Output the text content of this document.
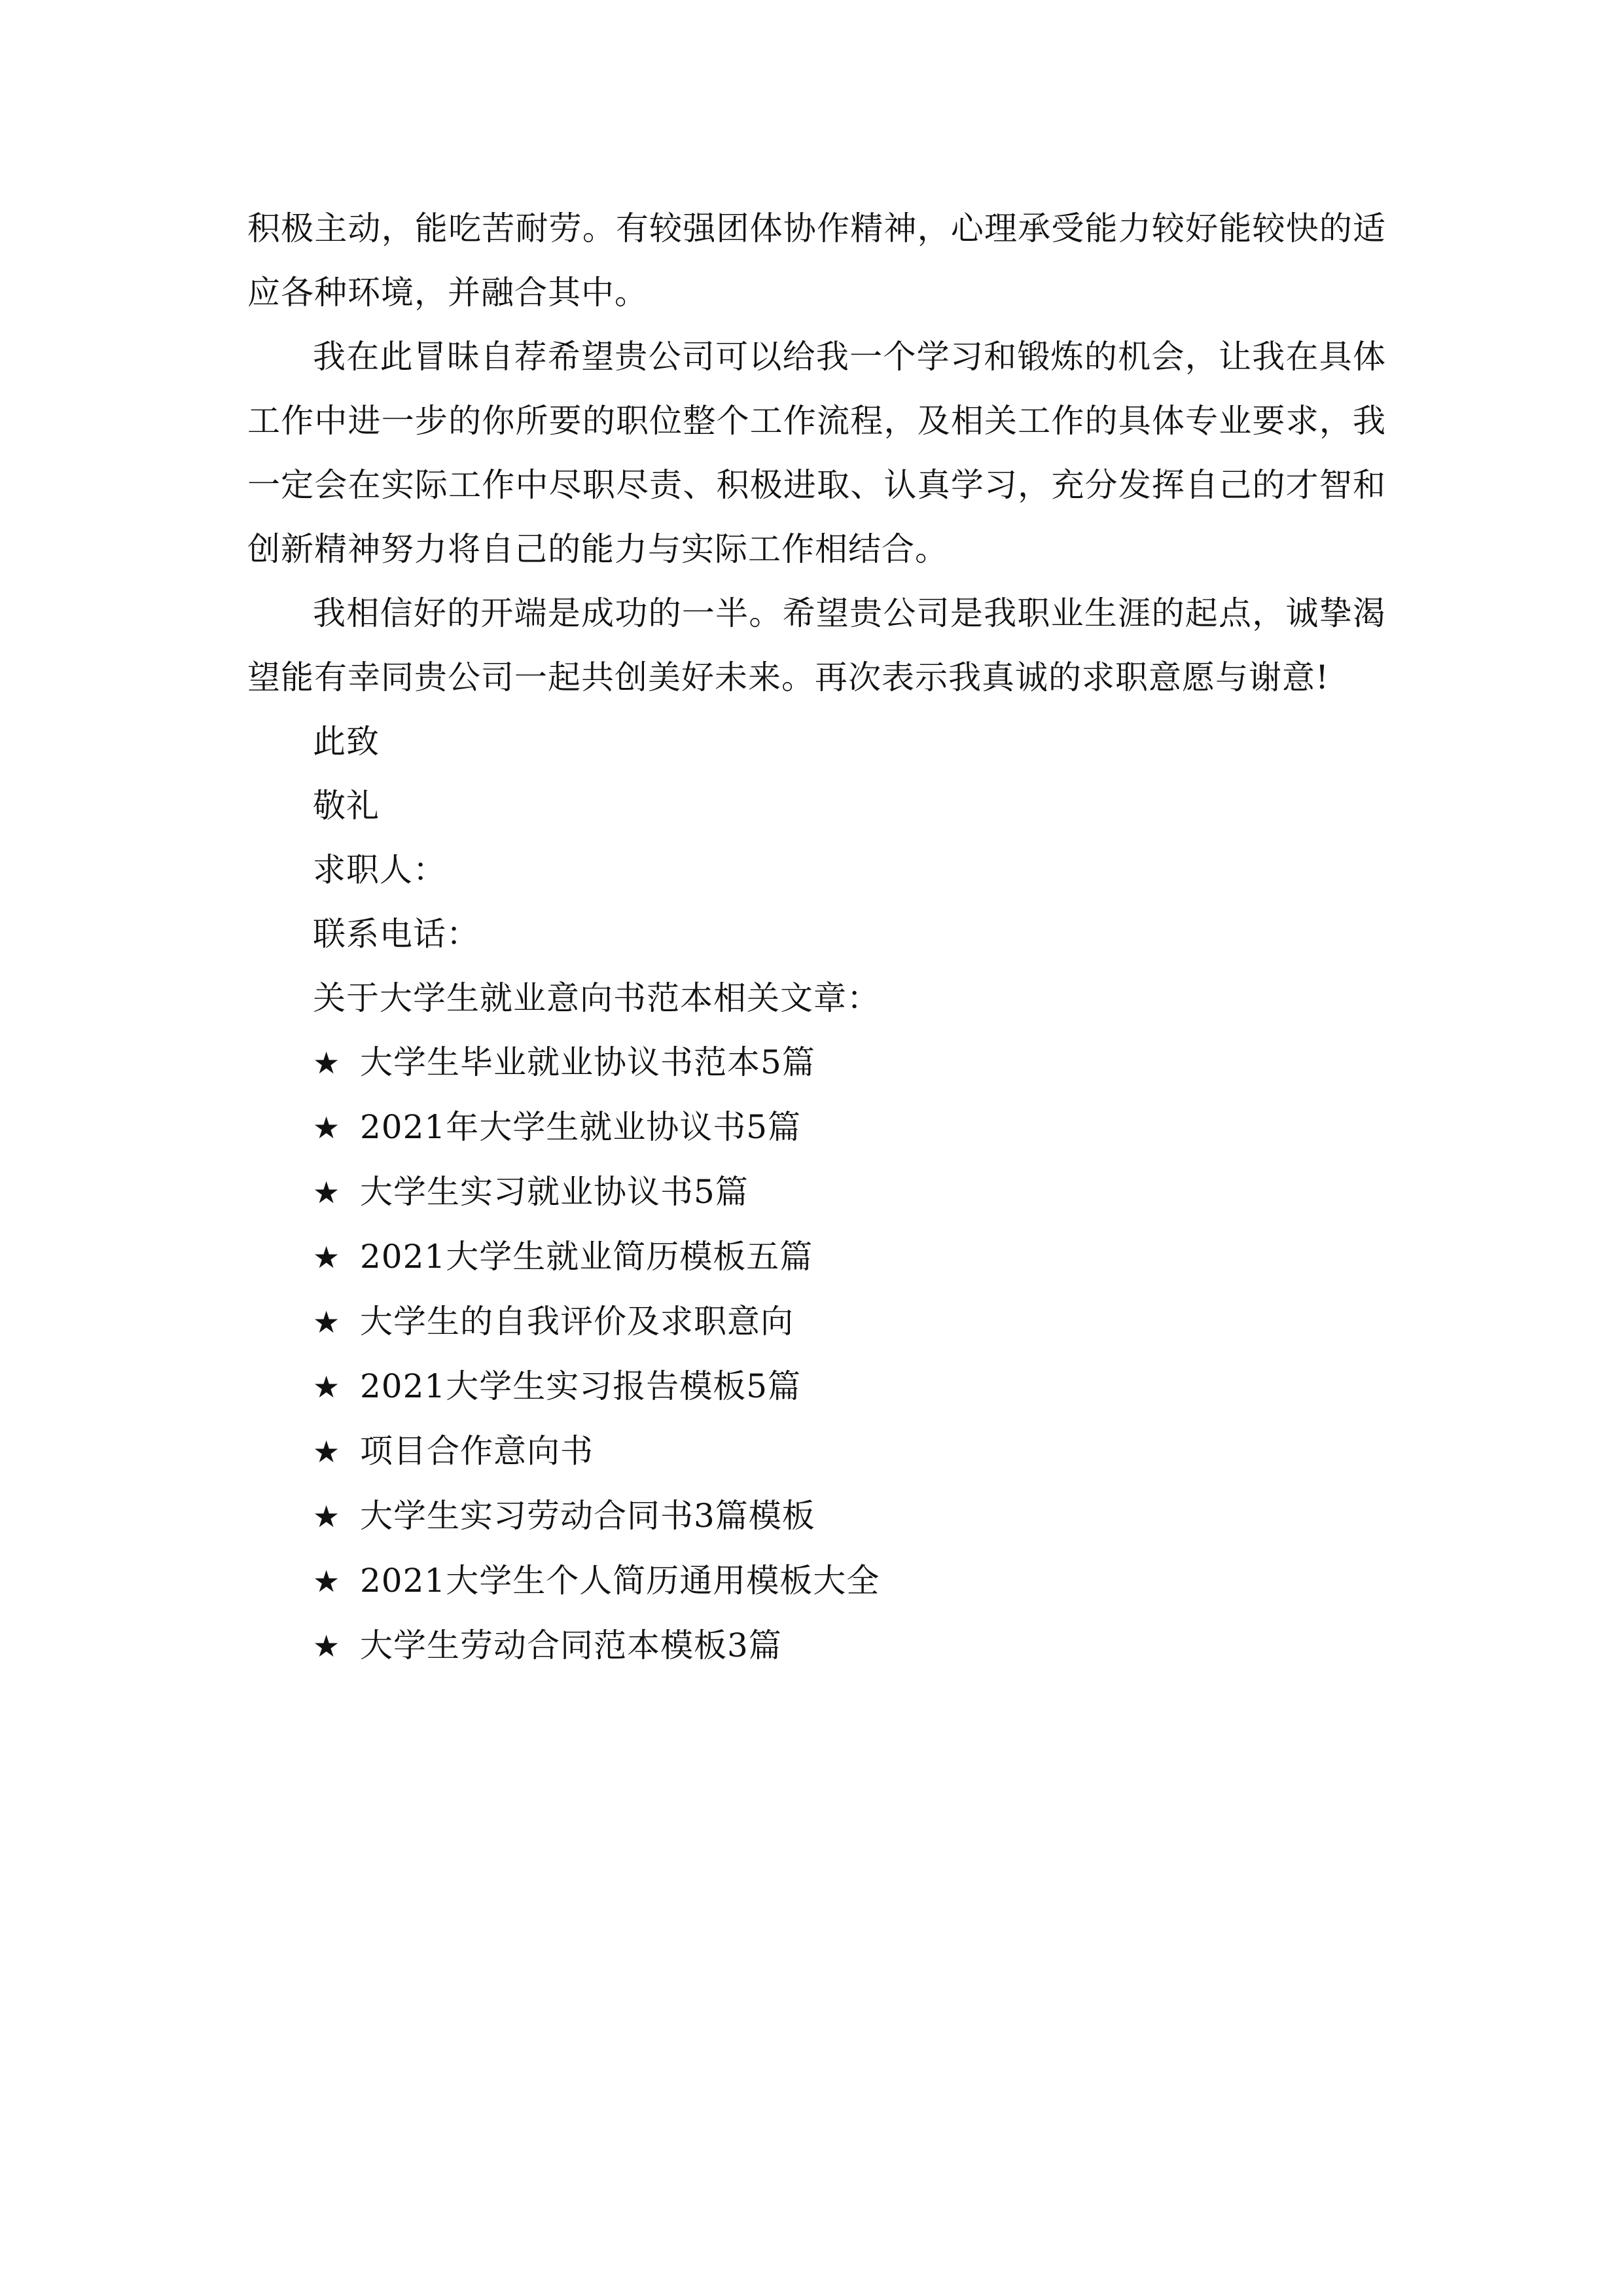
积极主动，能吃苦耐劳。有较强团体协作精神，心理承受能力较好能较快的适应各种环境，并融合其中。

我在此冒昧自荐希望贵公司可以给我一个学习和锻炼的机会，让我在具体工作中进一步的你所要的职位整个工作流程，及相关工作的具体专业要求，我一定会在实际工作中尽职尽责、积极进取、认真学习，充分发挥自己的才智和创新精神努力将自己的能力与实际工作相结合。

我相信好的开端是成功的一半。希望贵公司是我职业生涯的起点，诚挚渴望能有幸同贵公司一起共创美好未来。再次表示我真诚的求职意愿与谢意!

此致

敬礼

求职人：

联系电话：

关于大学生就业意向书范本相关文章：

★ 大学生毕业就业协议书范本5篇
★ 2021年大学生就业协议书5篇
★ 大学生实习就业协议书5篇
★ 2021大学生就业简历模板五篇
★ 大学生的自我评价及求职意向
★ 2021大学生实习报告模板5篇
★ 项目合作意向书
★ 大学生实习劳动合同书3篇模板
★ 2021大学生个人简历通用模板大全
★ 大学生劳动合同范本模板3篇
